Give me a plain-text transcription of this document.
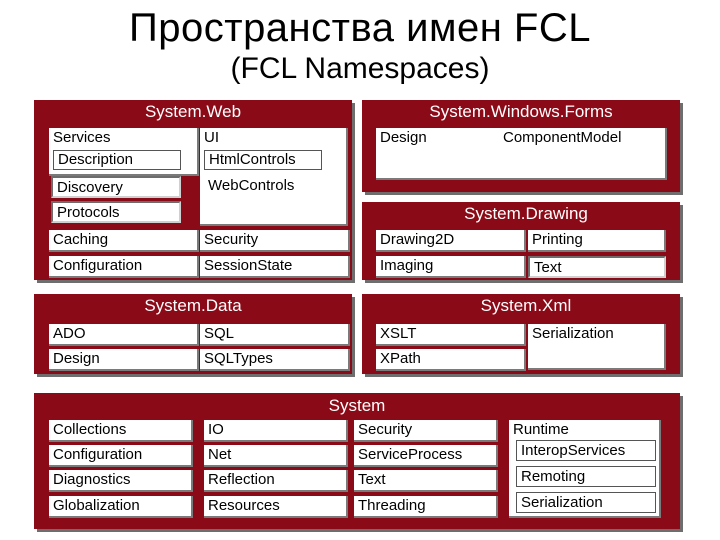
Пространства имен FCL
(FCL Namespaces)
System.Web
Services
Description
Discovery
Protocols
UI
HtmlControls
WebControls
Caching	Security
Configuration	SessionState
System.Windows.Forms
Design	ComponentModel
System.Drawing
Drawing2D	Printing
Imaging	Text
System.Data
ADO	SQL
Design	SQLTypes
System.Xml
XSLT	Serialization
XPath
System
Collections
Configuration
Diagnostics
Globalization
IO
Net
Reflection
Resources
Security
ServiceProcess
Text
Threading
Runtime
InteropServices
Remoting
Serialization
